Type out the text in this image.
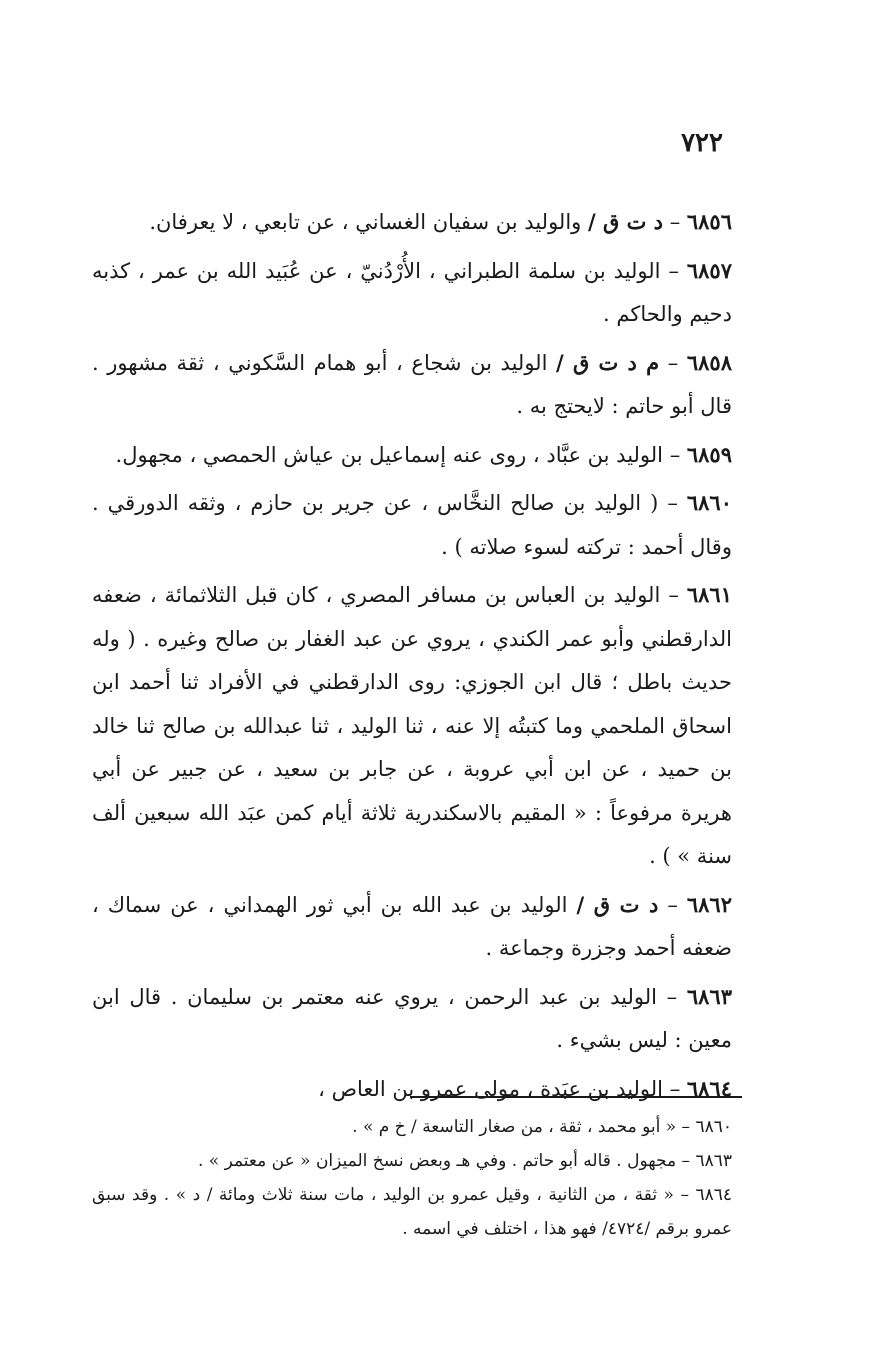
٧٢٢

٦٨٥٦ – د ت ق / والوليد بن سفيان الغساني ، عن تابعي ، لا يعرفان.

٦٨٥٧ – الوليد بن سلمة الطبراني ، الأُرْدُنيّ ، عن عُبَيد الله بن عمر ، كذبه دحيم والحاكم .

٦٨٥٨ – م د ت ق / الوليد بن شجاع ، أبو همام السَّكوني ، ثقة مشهور . قال أبو حاتم : لايحتج به .

٦٨٥٩ – الوليد بن عبَّاد ، روى عنه إسماعيل بن عياش الحمصي ، مجهول.

٦٨٦٠ – ( الوليد بن صالح النخَّاس ، عن جرير بن حازم ، وثقه الدورقي . وقال أحمد : تركته لسوء صلاته ) .

٦٨٦١ – الوليد بن العباس بن مسافر المصري ، كان قبل الثلاثمائة ، ضعفه الدارقطني وأبو عمر الكندي ، يروي عن عبد الغفار بن صالح وغيره . ( وله حديث باطل ؛ قال ابن الجوزي: روى الدارقطني في الأفراد ثنا أحمد ابن اسحاق الملحمي وما كتبتُه إلا عنه ، ثنا الوليد ، ثنا عبدالله بن صالح ثنا خالد بن حميد ، عن ابن أبي عروبة ، عن جابر بن سعيد ، عن جبير عن أبي هريرة مرفوعاً : « المقيم بالاسكندرية ثلاثة أيام كمن عبَد الله سبعين ألف سنة » ) .

٦٨٦٢ – د ت ق / الوليد بن عبد الله بن أبي ثور الهمداني ، عن سماك ، ضعفه أحمد وجزرة وجماعة .

٦٨٦٣ – الوليد بن عبد الرحمن ، يروي عنه معتمر بن سليمان . قال ابن معين : ليس بشيء .

٦٨٦٤ – الوليد بن عبَدة ، مولى عمرو بن العاص ،

٦٨٦٠ – « أبو محمد ، ثقة ، من صغار التاسعة / خ م » .

٦٨٦٣ – مجهول . قاله أبو حاتم . وفي هـ وبعض نسخ الميزان « عن معتمر » .

٦٨٦٤ – « ثقة ، من الثانية ، وقيل عمرو بن الوليد ، مات سنة ثلاث ومائة / د » . وقد سبق عمرو برقم /٤٧٢٤/ فهو هذا ، اختلف في اسمه .
